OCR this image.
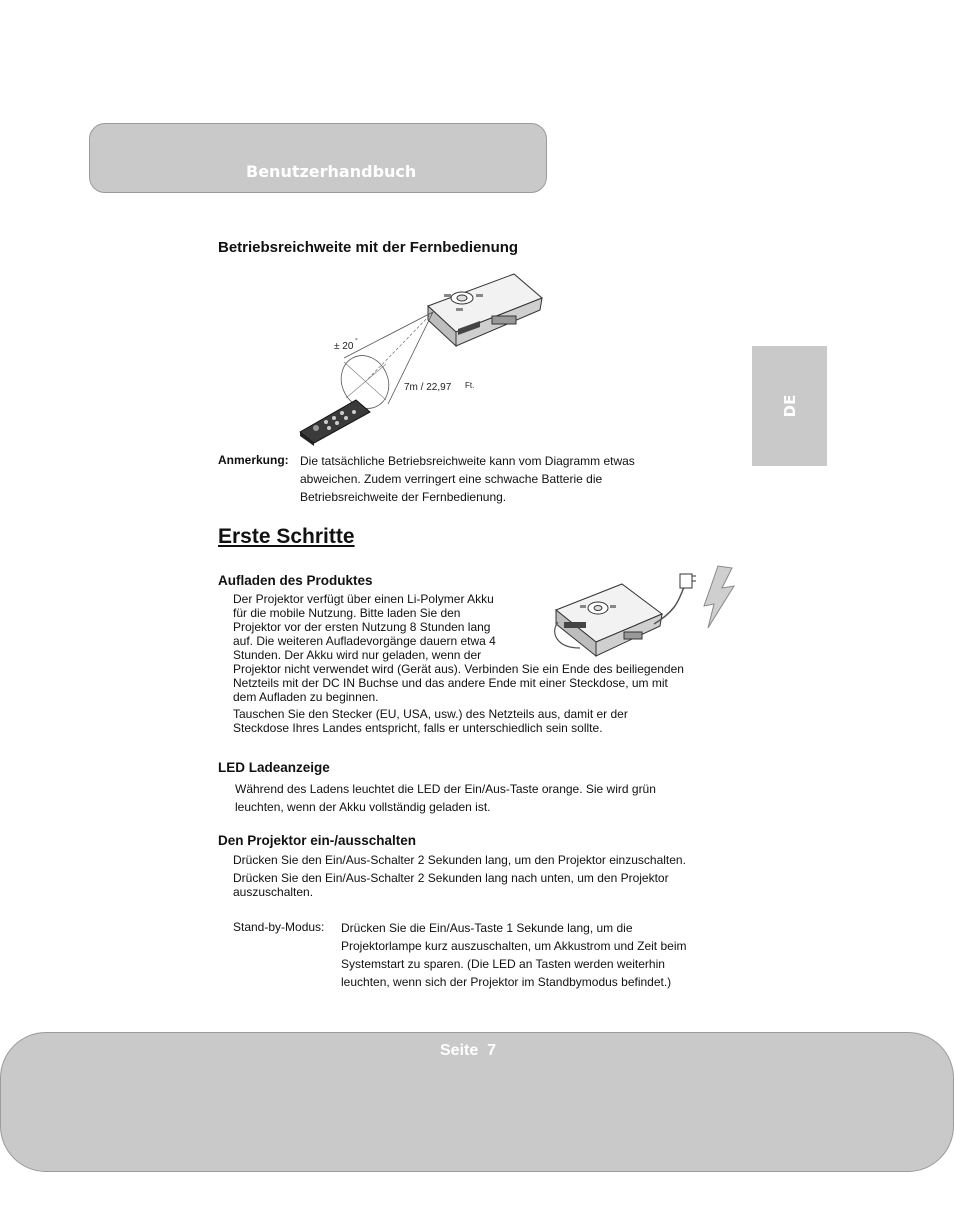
Benutzerhandbuch
DE
Betriebsreichweite mit der Fernbedienung
± 20 °
7m / 22,97 Ft.
Anmerkung: Die tatsächliche Betriebsreichweite kann vom Diagramm etwas
abweichen. Zudem verringert eine schwache Batterie die
Betriebsreichweite der Fernbedienung.
Erste Schritte
Aufladen des Produktes
Der Projektor verfügt über einen Li-Polymer Akku
für die mobile Nutzung. Bitte laden Sie den
Projektor vor der ersten Nutzung 8 Stunden lang
auf. Die weiteren Aufladevorgänge dauern etwa 4
Stunden. Der Akku wird nur geladen, wenn der
Projektor nicht verwendet wird (Gerät aus). Verbinden Sie ein Ende des beiliegenden
Netzteils mit der DC IN Buchse und das andere Ende mit einer Steckdose, um mit
dem Aufladen zu beginnen.
Tauschen Sie den Stecker (EU, USA, usw.) des Netzteils aus, damit er der
Steckdose Ihres Landes entspricht, falls er unterschiedlich sein sollte.
LED Ladeanzeige
Während des Ladens leuchtet die LED der Ein/Aus-Taste orange. Sie wird grün
leuchten, wenn der Akku vollständig geladen ist.
Den Projektor ein-/ausschalten
Drücken Sie den Ein/Aus-Schalter 2 Sekunden lang, um den Projektor einzuschalten.
Drücken Sie den Ein/Aus-Schalter 2 Sekunden lang nach unten, um den Projektor
auszuschalten.
Stand-by-Modus: Drücken Sie die Ein/Aus-Taste 1 Sekunde lang, um die
Projektorlampe kurz auszuschalten, um Akkustrom und Zeit beim
Systemstart zu sparen. (Die LED an Tasten werden weiterhin
leuchten, wenn sich der Projektor im Standbymodus befindet.)
Seite  7
